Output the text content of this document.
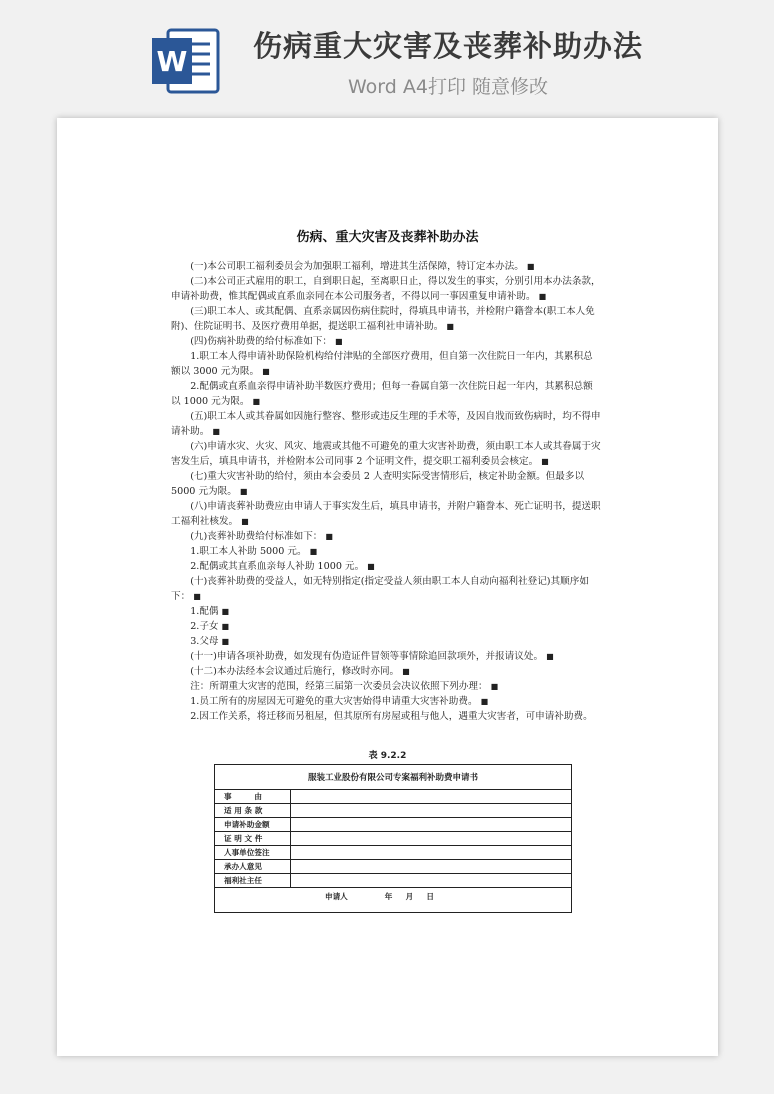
W	伤病重大灾害及丧葬补助办法
Word A4打印 随意修改
伤病、重大灾害及丧葬补助办法

(一)本公司职工福利委员会为加强职工福利，增进其生活保障，特订定本办法。 ■

(二)本公司正式雇用的职工，自到职日起，至离职日止，得以发生的事实，分别引用本办法条款，申请补助费，惟其配偶或直系血亲同在本公司服务者，不得以同一事因重复申请补助。 ■

(三)职工本人、或其配偶、直系亲属因伤病住院时，得填具申请书，并检附户籍誊本(职工本人免附)、住院证明书、及医疗费用单据，提送职工福利社申请补助。 ■

(四)伤病补助费的给付标准如下： ■

1.职工本人得申请补助保险机构给付津贴的全部医疗费用，但自第一次住院日一年内，其累积总额以 3000 元为限。 ■

2.配偶或直系血亲得申请补助半数医疗费用；但每一眷属自第一次住院日起一年内，其累积总额以 1000 元为限。 ■

(五)职工本人或其眷属如因施行整容、整形或违反生理的手术等，及因自戕而致伤病时，均不得申请补助。 ■

(六)申请水灾、火灾、风灾、地震或其他不可避免的重大灾害补助费，须由职工本人或其眷属于灾害发生后，填具申请书，并检附本公司同事 2 个证明文件，提交职工福利委员会核定。 ■

(七)重大灾害补助的给付，须由本会委员 2 人查明实际受害情形后，核定补助金额。但最多以 5000 元为限。 ■

(八)申请丧葬补助费应由申请人于事实发生后，填具申请书，并附户籍誊本、死亡证明书，提送职工福利社核发。 ■

(九)丧葬补助费给付标准如下： ■

1.职工本人补助 5000 元。 ■

2.配偶或其直系血亲每人补助 1000 元。 ■

(十)丧葬补助费的受益人，如无特别指定(指定受益人须由职工本人自动向福利社登记)其顺序如下： ■

1.配偶 ■

2.子女 ■

3.父母 ■

(十一)申请各项补助费，如发现有伪造证件冒领等事情除追回款项外，并报请议处。 ■

(十二)本办法经本会议通过后施行，修改时亦同。 ■

注：所谓重大灾害的范围，经第三届第一次委员会决议依照下列办理： ■

1.员工所有的房屋因无可避免的重大灾害始得申请重大灾害补助费。 ■

2.因工作关系，将迁移而另租屋，但其原所有房屋或租与他人，遇重大灾害者，可申请补助费。

表 9.2.2
服装工业股份有限公司专案福利补助费申请书
事　　　由
适 用 条 款
申请补助金额
证 明 文 件
人事单位签注
承办人意见
福利社主任
申请人	年 月 日
